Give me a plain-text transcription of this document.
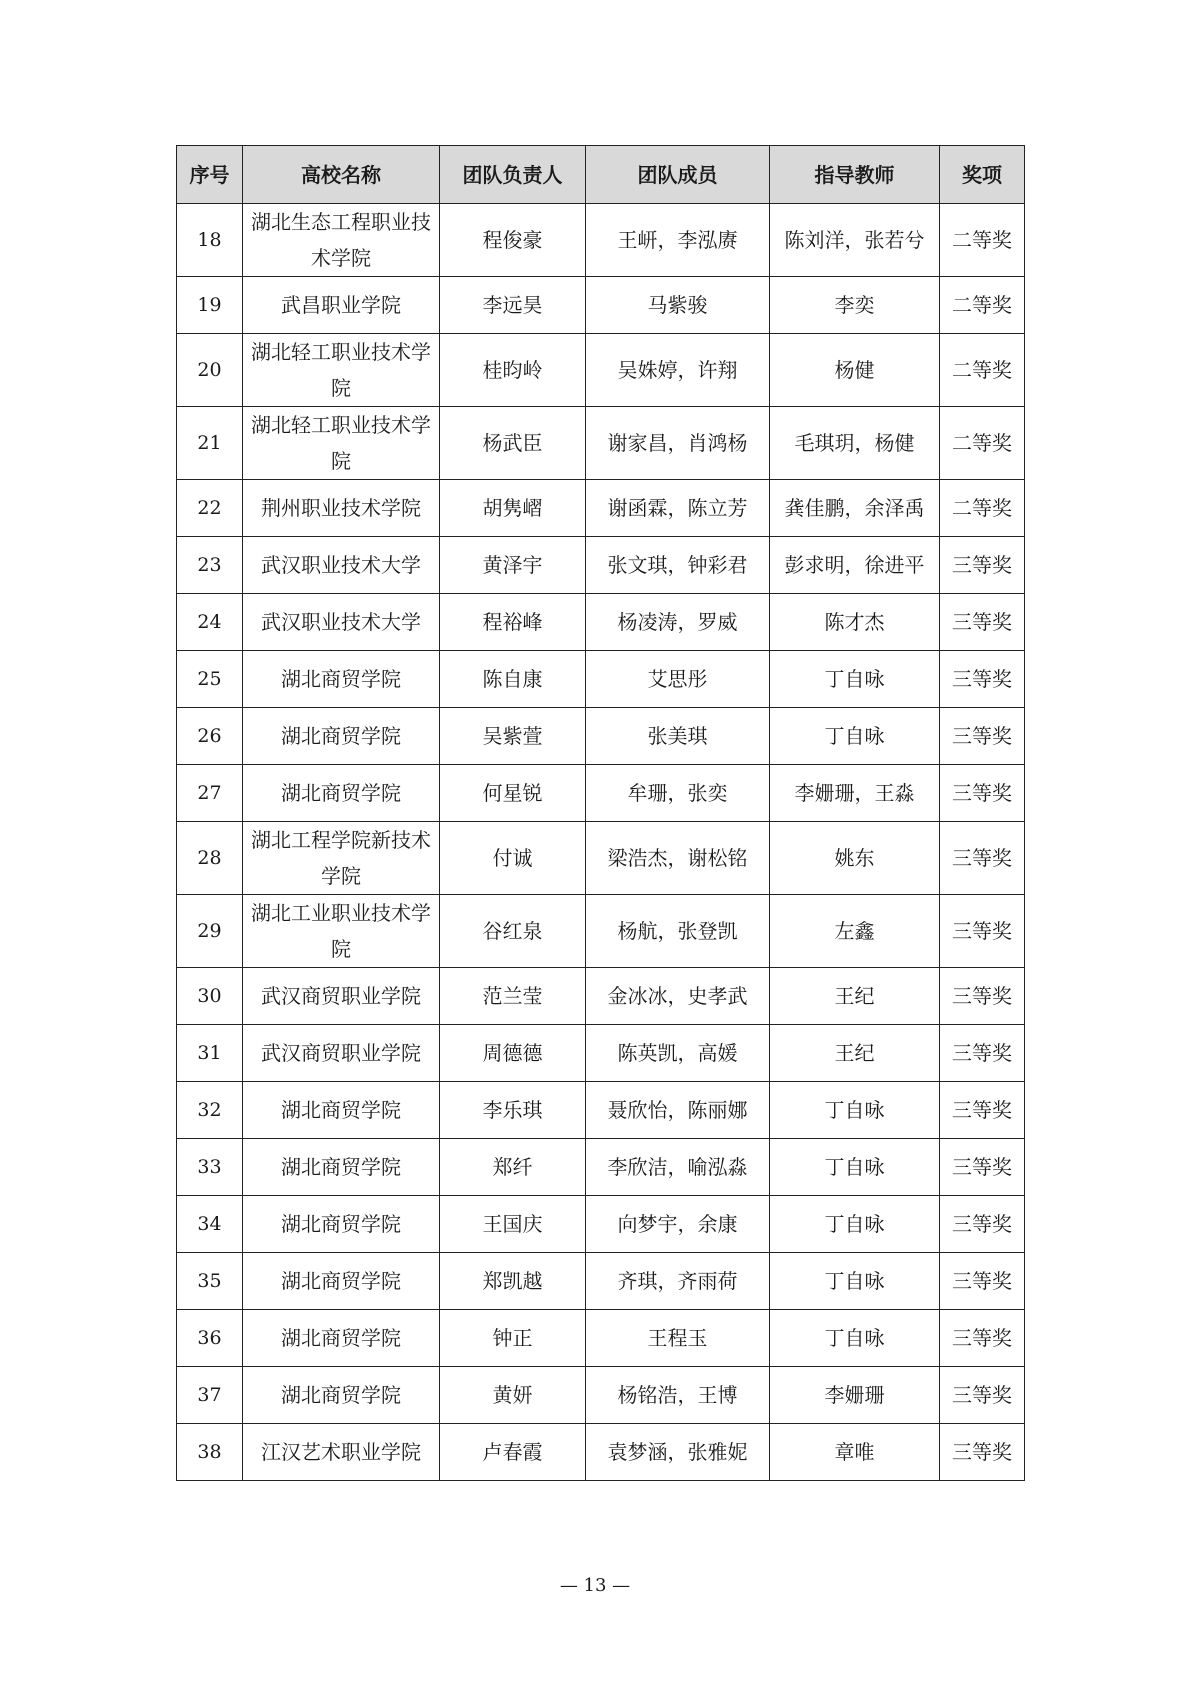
序号	高校名称	团队负责人	团队成员	指导教师	奖项
18	湖北生态工程职业技术学院	程俊豪	王岍，李泓赓	陈刘洋，张若兮	二等奖
19	武昌职业学院	李远昊	马紫骏	李奕	二等奖
20	湖北轻工职业技术学院	桂昀岭	吴姝婷，许翔	杨健	二等奖
21	湖北轻工职业技术学院	杨武臣	谢家昌，肖鸿杨	毛琪玥，杨健	二等奖
22	荆州职业技术学院	胡隽嶍	谢函霖，陈立芳	龚佳鹏，余泽禹	二等奖
23	武汉职业技术大学	黄泽宇	张文琪，钟彩君	彭求明，徐进平	三等奖
24	武汉职业技术大学	程裕峰	杨凌涛，罗威	陈才杰	三等奖
25	湖北商贸学院	陈自康	艾思彤	丁自咏	三等奖
26	湖北商贸学院	吴紫萱	张美琪	丁自咏	三等奖
27	湖北商贸学院	何星锐	牟珊，张奕	李姗珊，王淼	三等奖
28	湖北工程学院新技术学院	付诚	梁浩杰，谢松铭	姚东	三等奖
29	湖北工业职业技术学院	谷红泉	杨航，张登凯	左鑫	三等奖
30	武汉商贸职业学院	范兰莹	金冰冰，史孝武	王纪	三等奖
31	武汉商贸职业学院	周德德	陈英凯，高媛	王纪	三等奖
32	湖北商贸学院	李乐琪	聂欣怡，陈丽娜	丁自咏	三等奖
33	湖北商贸学院	郑纤	李欣洁，喻泓淼	丁自咏	三等奖
34	湖北商贸学院	王国庆	向梦宇，余康	丁自咏	三等奖
35	湖北商贸学院	郑凯越	齐琪，齐雨荷	丁自咏	三等奖
36	湖北商贸学院	钟正	王程玉	丁自咏	三等奖
37	湖北商贸学院	黄妍	杨铭浩，王博	李姗珊	三等奖
38	江汉艺术职业学院	卢春霞	袁梦涵，张雅妮	章唯	三等奖
— 13 —
